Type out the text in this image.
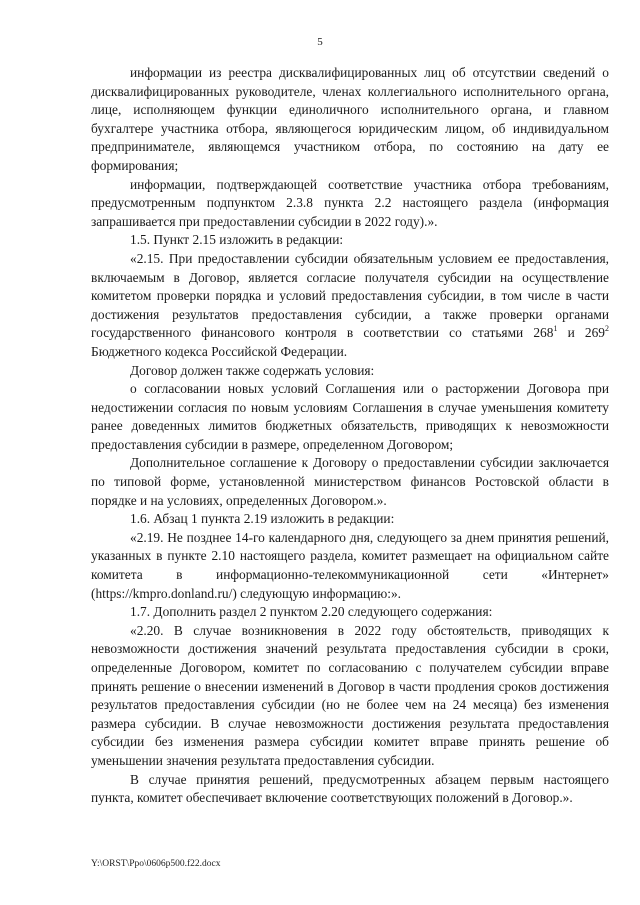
5

информации из реестра дисквалифицированных лиц об отсутствии сведений о дисквалифицированных руководителе, членах коллегиального исполнительного органа, лице, исполняющем функции единоличного исполнительного органа, и главном бухгалтере участника отбора, являющегося юридическим лицом, об индивидуальном предпринимателе, являющемся участником отбора, по состоянию на дату ее формирования;

информации, подтверждающей соответствие участника отбора требованиям, предусмотренным подпунктом 2.3.8 пункта 2.2 настоящего раздела (информация запрашивается при предоставлении субсидии в 2022 году).».

1.5. Пункт 2.15 изложить в редакции:

«2.15. При предоставлении субсидии обязательным условием ее предоставления, включаемым в Договор, является согласие получателя субсидии на осуществление комитетом проверки порядка и условий предоставления субсидии, в том числе в части достижения результатов предоставления субсидии, а также проверки органами государственного финансового контроля в соответствии со статьями $268^1$ и $269^2$ Бюджетного кодекса Российской Федерации.

Договор должен также содержать условия:

о согласовании новых условий Соглашения или о расторжении Договора при недостижении согласия по новым условиям Соглашения в случае уменьшения комитету ранее доведенных лимитов бюджетных обязательств, приводящих к невозможности предоставления субсидии в размере, определенном Договором;

Дополнительное соглашение к Договору о предоставлении субсидии заключается по типовой форме, установленной министерством финансов Ростовской области в порядке и на условиях, определенных Договором.».

1.6. Абзац 1 пункта 2.19 изложить в редакции:

«2.19. Не позднее 14-го календарного дня, следующего за днем принятия решений, указанных в пункте 2.10 настоящего раздела, комитет размещает на официальном сайте комитета в информационно-телекоммуникационной сети «Интернет» (https://kmpro.donland.ru/) следующую информацию:».

1.7. Дополнить раздел 2 пунктом 2.20 следующего содержания:

«2.20. В случае возникновения в 2022 году обстоятельств, приводящих к невозможности достижения значений результата предоставления субсидии в сроки, определенные Договором, комитет по согласованию с получателем субсидии вправе принять решение о внесении изменений в Договор в части продления сроков достижения результатов предоставления субсидии (но не более чем на 24 месяца) без изменения размера субсидии. В случае невозможности достижения результата предоставления субсидии без изменения размера субсидии комитет вправе принять решение об уменьшении значения результата предоставления субсидии.

В случае принятия решений, предусмотренных абзацем первым настоящего пункта, комитет обеспечивает включение соответствующих положений в Договор.».

Y:\ORST\Ppo\0606p500.f22.docx
